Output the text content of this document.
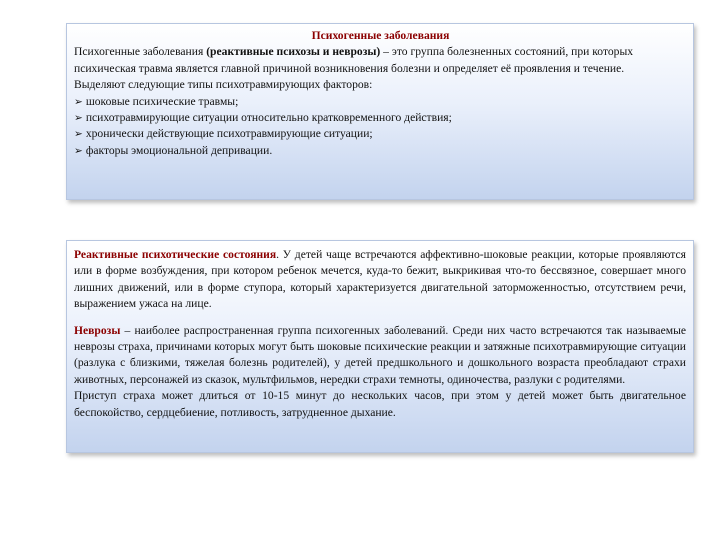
Психогенные заболевания

Психогенные заболевания (реактивные психозы и неврозы) – это группа болезненных состояний, при которых психическая травма является главной причиной возникновения болезни и определяет её проявления и течение.

Выделяют следующие типы психотравмирующих факторов:

➢ шоковые психические травмы;
➢ психотравмирующие ситуации относительно кратковременного действия;
➢ хронически действующие психотравмирующие ситуации;
➢ факторы эмоциональной депривации.

Реактивные психотические состояния. У детей чаще встречаются аффективно-шоковые реакции, которые проявляются или в форме возбуждения, при котором ребенок мечется, куда-то бежит, выкрикивая что-то бессвязное, совершает много лишних движений, или в форме ступора, который характеризуется двигательной заторможенностью, отсутствием речи, выражением ужаса на лице.

Неврозы – наиболее распространенная группа психогенных заболеваний. Среди них часто встречаются так называемые неврозы страха, причинами которых могут быть шоковые психические реакции и затяжные психотравмирующие ситуации (разлука с близкими, тяжелая болезнь родителей), у детей предшкольного и дошкольного возраста преобладают страхи животных, персонажей из сказок, мультфильмов, нередки страхи темноты, одиночества, разлуки с родителями.

Приступ страха может длиться от 10-15 минут до нескольких часов, при этом у детей может быть двигательное беспокойство, сердцебиение, потливость, затрудненное дыхание.
